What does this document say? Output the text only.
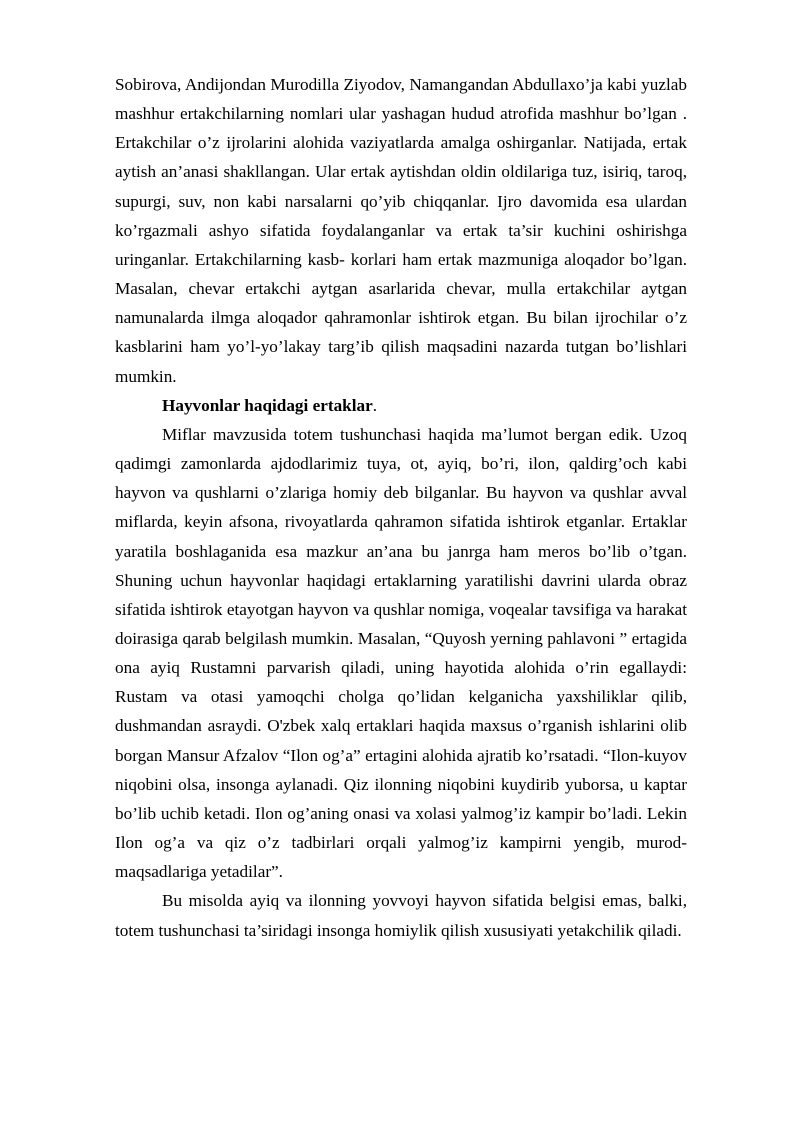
Sobirova, Andijondan Murodilla Ziyodov, Namangandan Abdullaxo’ja kabi yuzlab mashhur ertakchilarning nomlari ular yashagan hudud atrofida mashhur bo’lgan . Ertakchilar o’z ijrolarini alohida vaziyatlarda amalga oshirganlar. Natijada, ertak aytish an’anasi shakllangan. Ular ertak aytishdan oldin oldilariga tuz, isiriq, taroq, supurgi, suv, non kabi narsalarni qo’yib chiqqanlar. Ijro davomida esa ulardan ko’rgazmali ashyo sifatida foydalanganlar va ertak ta’sir kuchini oshirishga uringanlar. Ertakchilarning kasb- korlari ham ertak mazmuniga aloqador bo’lgan. Masalan, chevar ertakchi aytgan asarlarida chevar, mulla ertakchilar aytgan namunalarda ilmga aloqador qahramonlar ishtirok etgan. Bu bilan ijrochilar o’z kasblarini ham yo’l-yo’lakay targ’ib qilish maqsadini nazarda tutgan bo’lishlari mumkin.

Hayvonlar haqidagi ertaklar.

Miflar mavzusida totem tushunchasi haqida ma’lumot bergan edik. Uzoq qadimgi zamonlarda ajdodlarimiz tuya, ot, ayiq, bo’ri, ilon, qaldirg’och kabi hayvon va qushlarni o’zlariga homiy deb bilganlar. Bu hayvon va qushlar avval miflarda, keyin afsona, rivoyatlarda qahramon sifatida ishtirok etganlar. Ertaklar yaratila boshlaganida esa mazkur an’ana bu janrga ham meros bo’lib o’tgan. Shuning uchun hayvonlar haqidagi ertaklarning yaratilishi davrini ularda obraz sifatida ishtirok etayotgan hayvon va qushlar nomiga, voqealar tavsifiga va harakat doirasiga qarab belgilash mumkin. Masalan, “Quyosh yerning pahlavoni ” ertagida ona ayiq Rustamni parvarish qiladi, uning hayotida alohida o’rin egallaydi: Rustam va otasi yamoqchi cholga qo’lidan kelganicha yaxshiliklar qilib, dushmandan asraydi. O'zbek xalq ertaklari haqida maxsus o’rganish ishlarini olib borgan Mansur Afzalov “Ilon og’a” ertagini alohida ajratib ko’rsatadi. “Ilon-kuyov niqobini olsa, insonga aylanadi. Qiz ilonning niqobini kuydirib yuborsa, u kaptar bo’lib uchib ketadi. Ilon og’aning onasi va xolasi yalmog’iz kampir bo’ladi. Lekin Ilon og’a va qiz o’z tadbirlari orqali yalmog’iz kampirni yengib, murod-maqsadlariga yetadilar”.

Bu misolda ayiq va ilonning yovvoyi hayvon sifatida belgisi emas, balki, totem tushunchasi ta’siridagi insonga homiylik qilish xususiyati yetakchilik qiladi.
